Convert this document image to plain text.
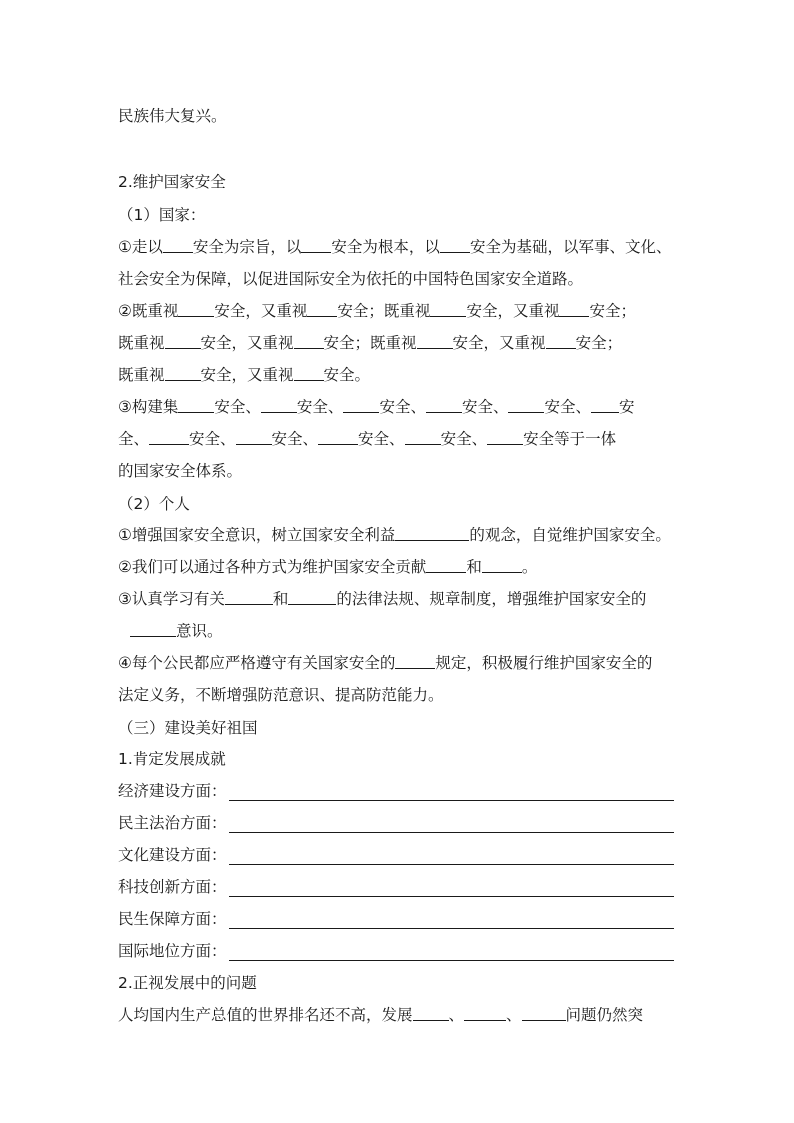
民族伟大复兴。
2.维护国家安全
（1）国家：
①走以 安全为宗旨，以 安全为根本，以 安全为基础，以军事、文化、
社会安全为保障，以促进国际安全为依托的中国特色国家安全道路。
②既重视 安全，又重视 安全；既重视 安全，又重视 安全；
既重视 安全，又重视 安全；既重视 安全，又重视 安全；
既重视 安全，又重视 安全。
③构建集 安全、 安全、 安全、 安全、 安全、 安
全、	安全、 安全、	安全、 安全、 安全等于一体
的国家安全体系。
（2）个人
①增强国家安全意识，树立国家安全利益	的观念，自觉维护国家安全。
②我们可以通过各种方式为维护国家安全贡献	和	。
③认真学习有关	和	的法律法规、规章制度，增强维护国家安全的
意识。
④每个公民都应严格遵守有关国家安全的	规定，积极履行维护国家安全的
法定义务，不断增强防范意识、提高防范能力。
（三）建设美好祖国
1.肯定发展成就
经济建设方面：
民主法治方面：
文化建设方面：
科技创新方面：
民生保障方面：
国际地位方面：
2.正视发展中的问题
人均国内生产总值的世界排名还不高，发展 、	、	问题仍然突
